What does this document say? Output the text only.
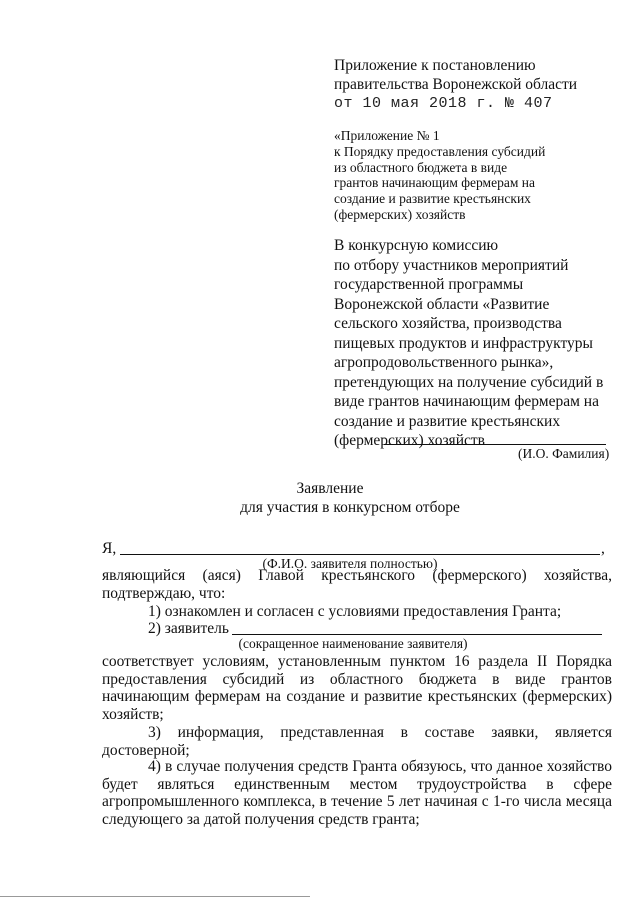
Приложение к постановлению
правительства Воронежской области
от 10 мая 2018 г. № 407
«Приложение № 1
к Порядку предоставления субсидий
из областного бюджета в виде
грантов начинающим фермерам на
создание и развитие крестьянских
(фермерских) хозяйств
В конкурсную комиссию
по отбору участников мероприятий
государственной программы
Воронежской области «Развитие
сельского хозяйства, производства
пищевых продуктов и инфраструктуры
агропродовольственного рынка»,
претендующих на получение субсидий в
виде грантов начинающим фермерам на
создание и развитие крестьянских
(фермерских) хозяйств
(И.О. Фамилия)
Заявление
для участия в конкурсном отборе
Я,	,
(Ф.И.О. заявителя полностью)
являющийся (аяся) Главой крестьянского (фермерского) хозяйства,
подтверждаю, что:
1) ознакомлен и согласен с условиями предоставления Гранта;
2) заявитель
(сокращенное наименование заявителя)
соответствует условиям, установленным пунктом 16 раздела II Порядка
предоставления субсидий из областного бюджета в виде грантов
начинающим фермерам на создание и развитие крестьянских (фермерских)
хозяйств;
3) информация, представленная в составе заявки, является
достоверной;
4) в случае получения средств Гранта обязуюсь, что данное хозяйство
будет являться единственным местом трудоустройства в сфере
агропромышленного комплекса, в течение 5 лет начиная с 1-го числа месяца
следующего за датой получения средств гранта;
